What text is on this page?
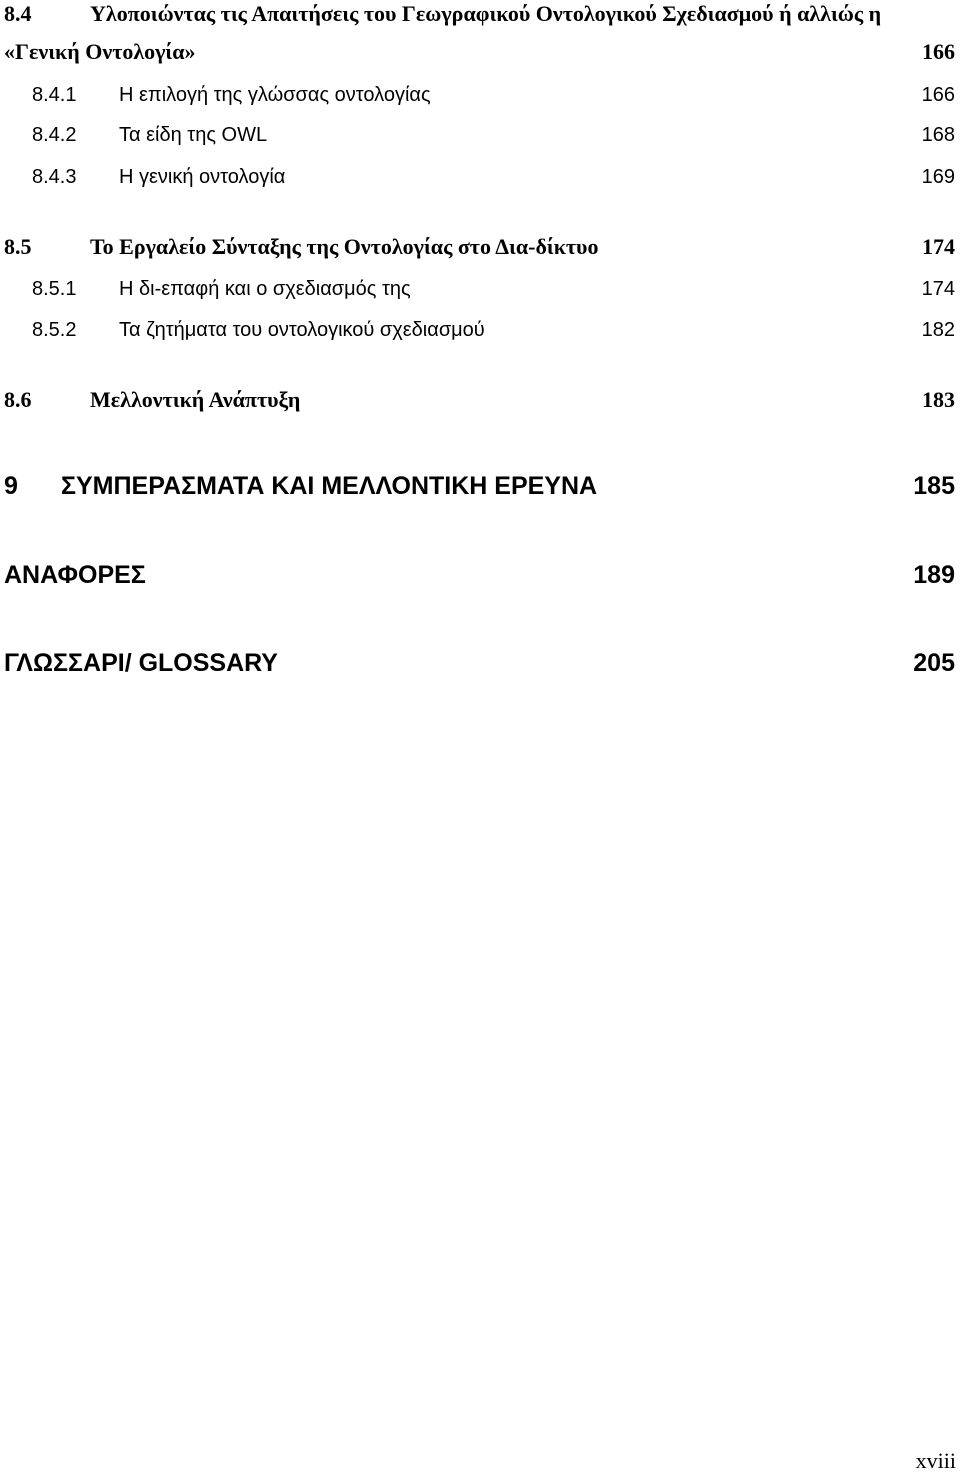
8.4	Υλοποιώντας τις Απαιτήσεις του Γεωγραφικού Οντολογικού Σχεδιασμού ή αλλιώς η
«Γενική Οντολογία»	166
8.4.1 Η επιλογή της γλώσσας οντολογίας	166
8.4.2 Τα είδη της OWL	168
8.4.3 Η γενική οντολογία	169
8.5	Το Εργαλείο Σύνταξης της Οντολογίας στο Δια-δίκτυο	174
8.5.1 Η δι-επαφή και ο σχεδιασμός της	174
8.5.2 Τα ζητήματα του οντολογικού σχεδιασμού	182
8.6	Μελλοντική Ανάπτυξη	183
9 ΣΥΜΠΕΡΑΣΜΑΤΑ ΚΑΙ ΜΕΛΛΟΝΤΙΚΗ ΕΡΕΥΝΑ	185
ΑΝΑΦΟΡΕΣ	189
ΓΛΩΣΣΑΡΙ/ GLOSSARY	205
xviii
